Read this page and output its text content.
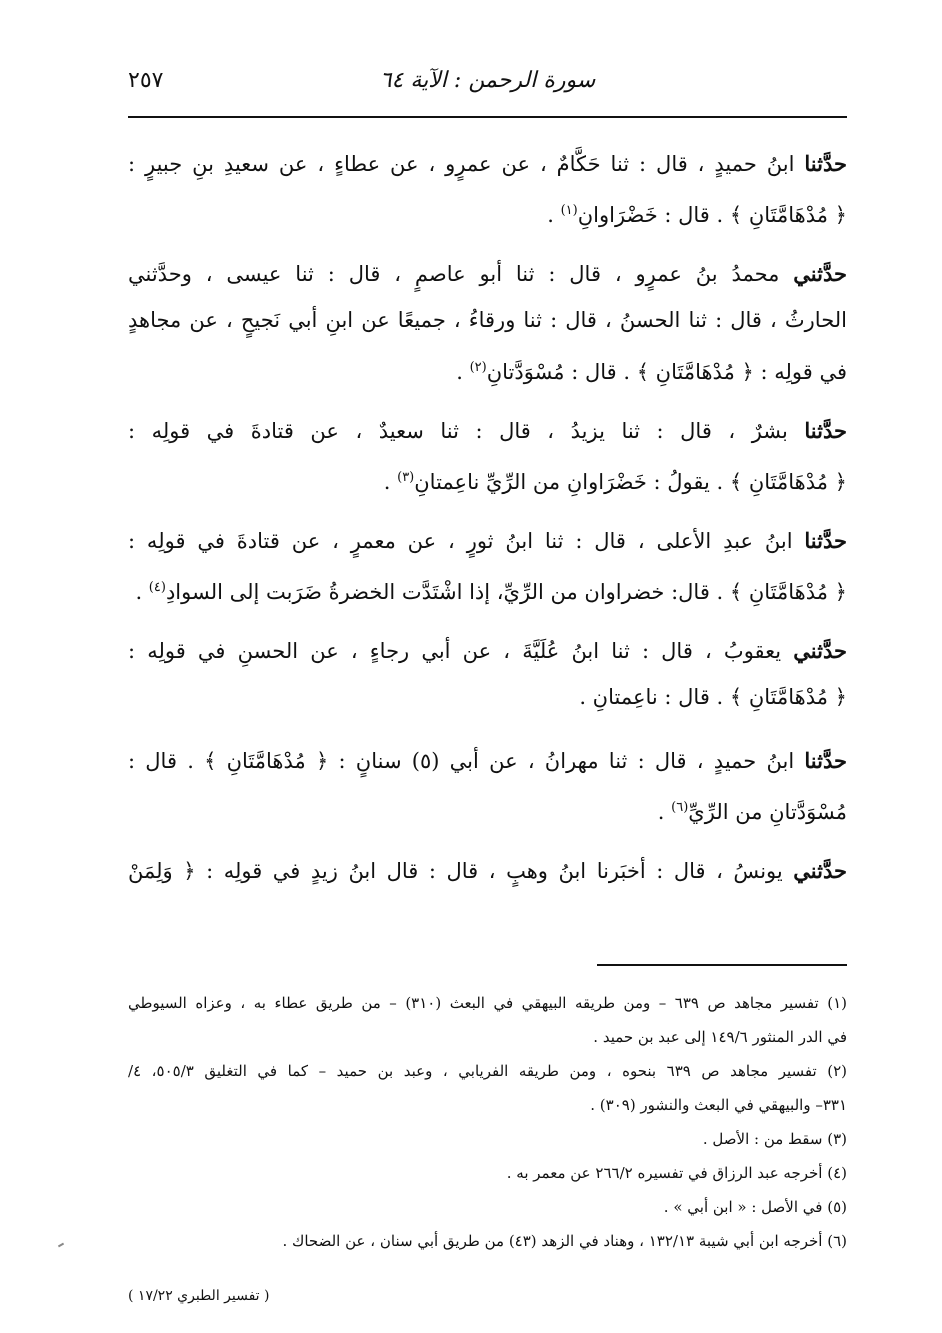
٢٥٧	سورة الرحمن : الآية ٦٤
حدَّثنا ابنُ حميدٍ ، قال : ثنا حَكَّامٌ ، عن عمرٍو ، عن عطاءٍ ، عن سعيدِ بنِ جبيرٍ :
﴿ مُدْهَامَّتَانِ ﴾ . قال : خَضْرَاوانِ$^{(١)}$ .
حدَّثني محمدُ بنُ عمرٍو ، قال : ثنا أبو عاصمٍ ، قال : ثنا عيسى ، وحدَّثني
الحارثُ ، قال : ثنا الحسنُ ، قال : ثنا ورقاءُ ، جميعًا عن ابنِ أبي نَجيحٍ ، عن مجاهدٍ
في قولِه : ﴿ مُدْهَامَّتَانِ ﴾ . قال : مُسْوَدَّتانِ$^{(٢)}$ .
حدَّثنا بشرٌ ، قال : ثنا يزيدُ ، قال : ثنا سعيدٌ ، عن قتادةَ في قولِه :
﴿ مُدْهَامَّتَانِ ﴾ . يقولُ : خَضْرَاوانِ من الرِّيِّ ناعِمتانِ$^{(٣)}$ .
حدَّثنا ابنُ عبدِ الأعلى ، قال : ثنا ابنُ ثورٍ ، عن معمرٍ ، عن قتادةَ في قولِه :
﴿ مُدْهَامَّتَانِ ﴾ . قال: خضراوان من الرِّيِّ، إذا اشْتَدَّت الخضرةُ ضَرَبت إلى السوادِ$^{(٤)}$ .
حدَّثني يعقوبُ ، قال : ثنا ابنُ عُلَيَّةَ ، عن أبي رجاءٍ ، عن الحسنِ في قولِه :
﴿ مُدْهَامَّتَانِ ﴾ . قال : ناعِمتانِ .
حدَّثنا ابنُ حميدٍ ، قال : ثنا مهرانُ ، عن أبي (٥) سنانٍ : ﴿ مُدْهَامَّتَانِ ﴾ . قال :
مُسْوَدَّتانِ من الرِّيِّ$^{(٦)}$ .
حدَّثني يونسُ ، قال : أخبَرنا ابنُ وهبٍ ، قال : قال ابنُ زيدٍ في قولِه : ﴿ وَلِمَنْ
(١) تفسير مجاهد ص ٦٣٩ – ومن طريقه البيهقي في البعث (٣١٠) – من طريق عطاء به ، وعزاه السيوطي
في الدر المنثور ١٤٩/٦ إلى عبد بن حميد .
(٢) تفسير مجاهد ص ٦٣٩ بنحوه ، ومن طريقه الفريابي ، وعبد بن حميد – كما في التغليق ٥٠٥/٣، ٤/
٣٣١– والبيهقي في البعث والنشور (٣٠٩) .
(٣) سقط من : الأصل .
(٤) أخرجه عبد الرزاق في تفسيره ٢٦٦/٢ عن معمر به .
(٥) في الأصل : « ابن أبي » .
(٦) أخرجه ابن أبي شيبة ١٣٢/١٣ ، وهناد في الزهد (٤٣) من طريق أبي سنان ، عن الضحاك .
( تفسير الطبري ١٧/٢٢ )
